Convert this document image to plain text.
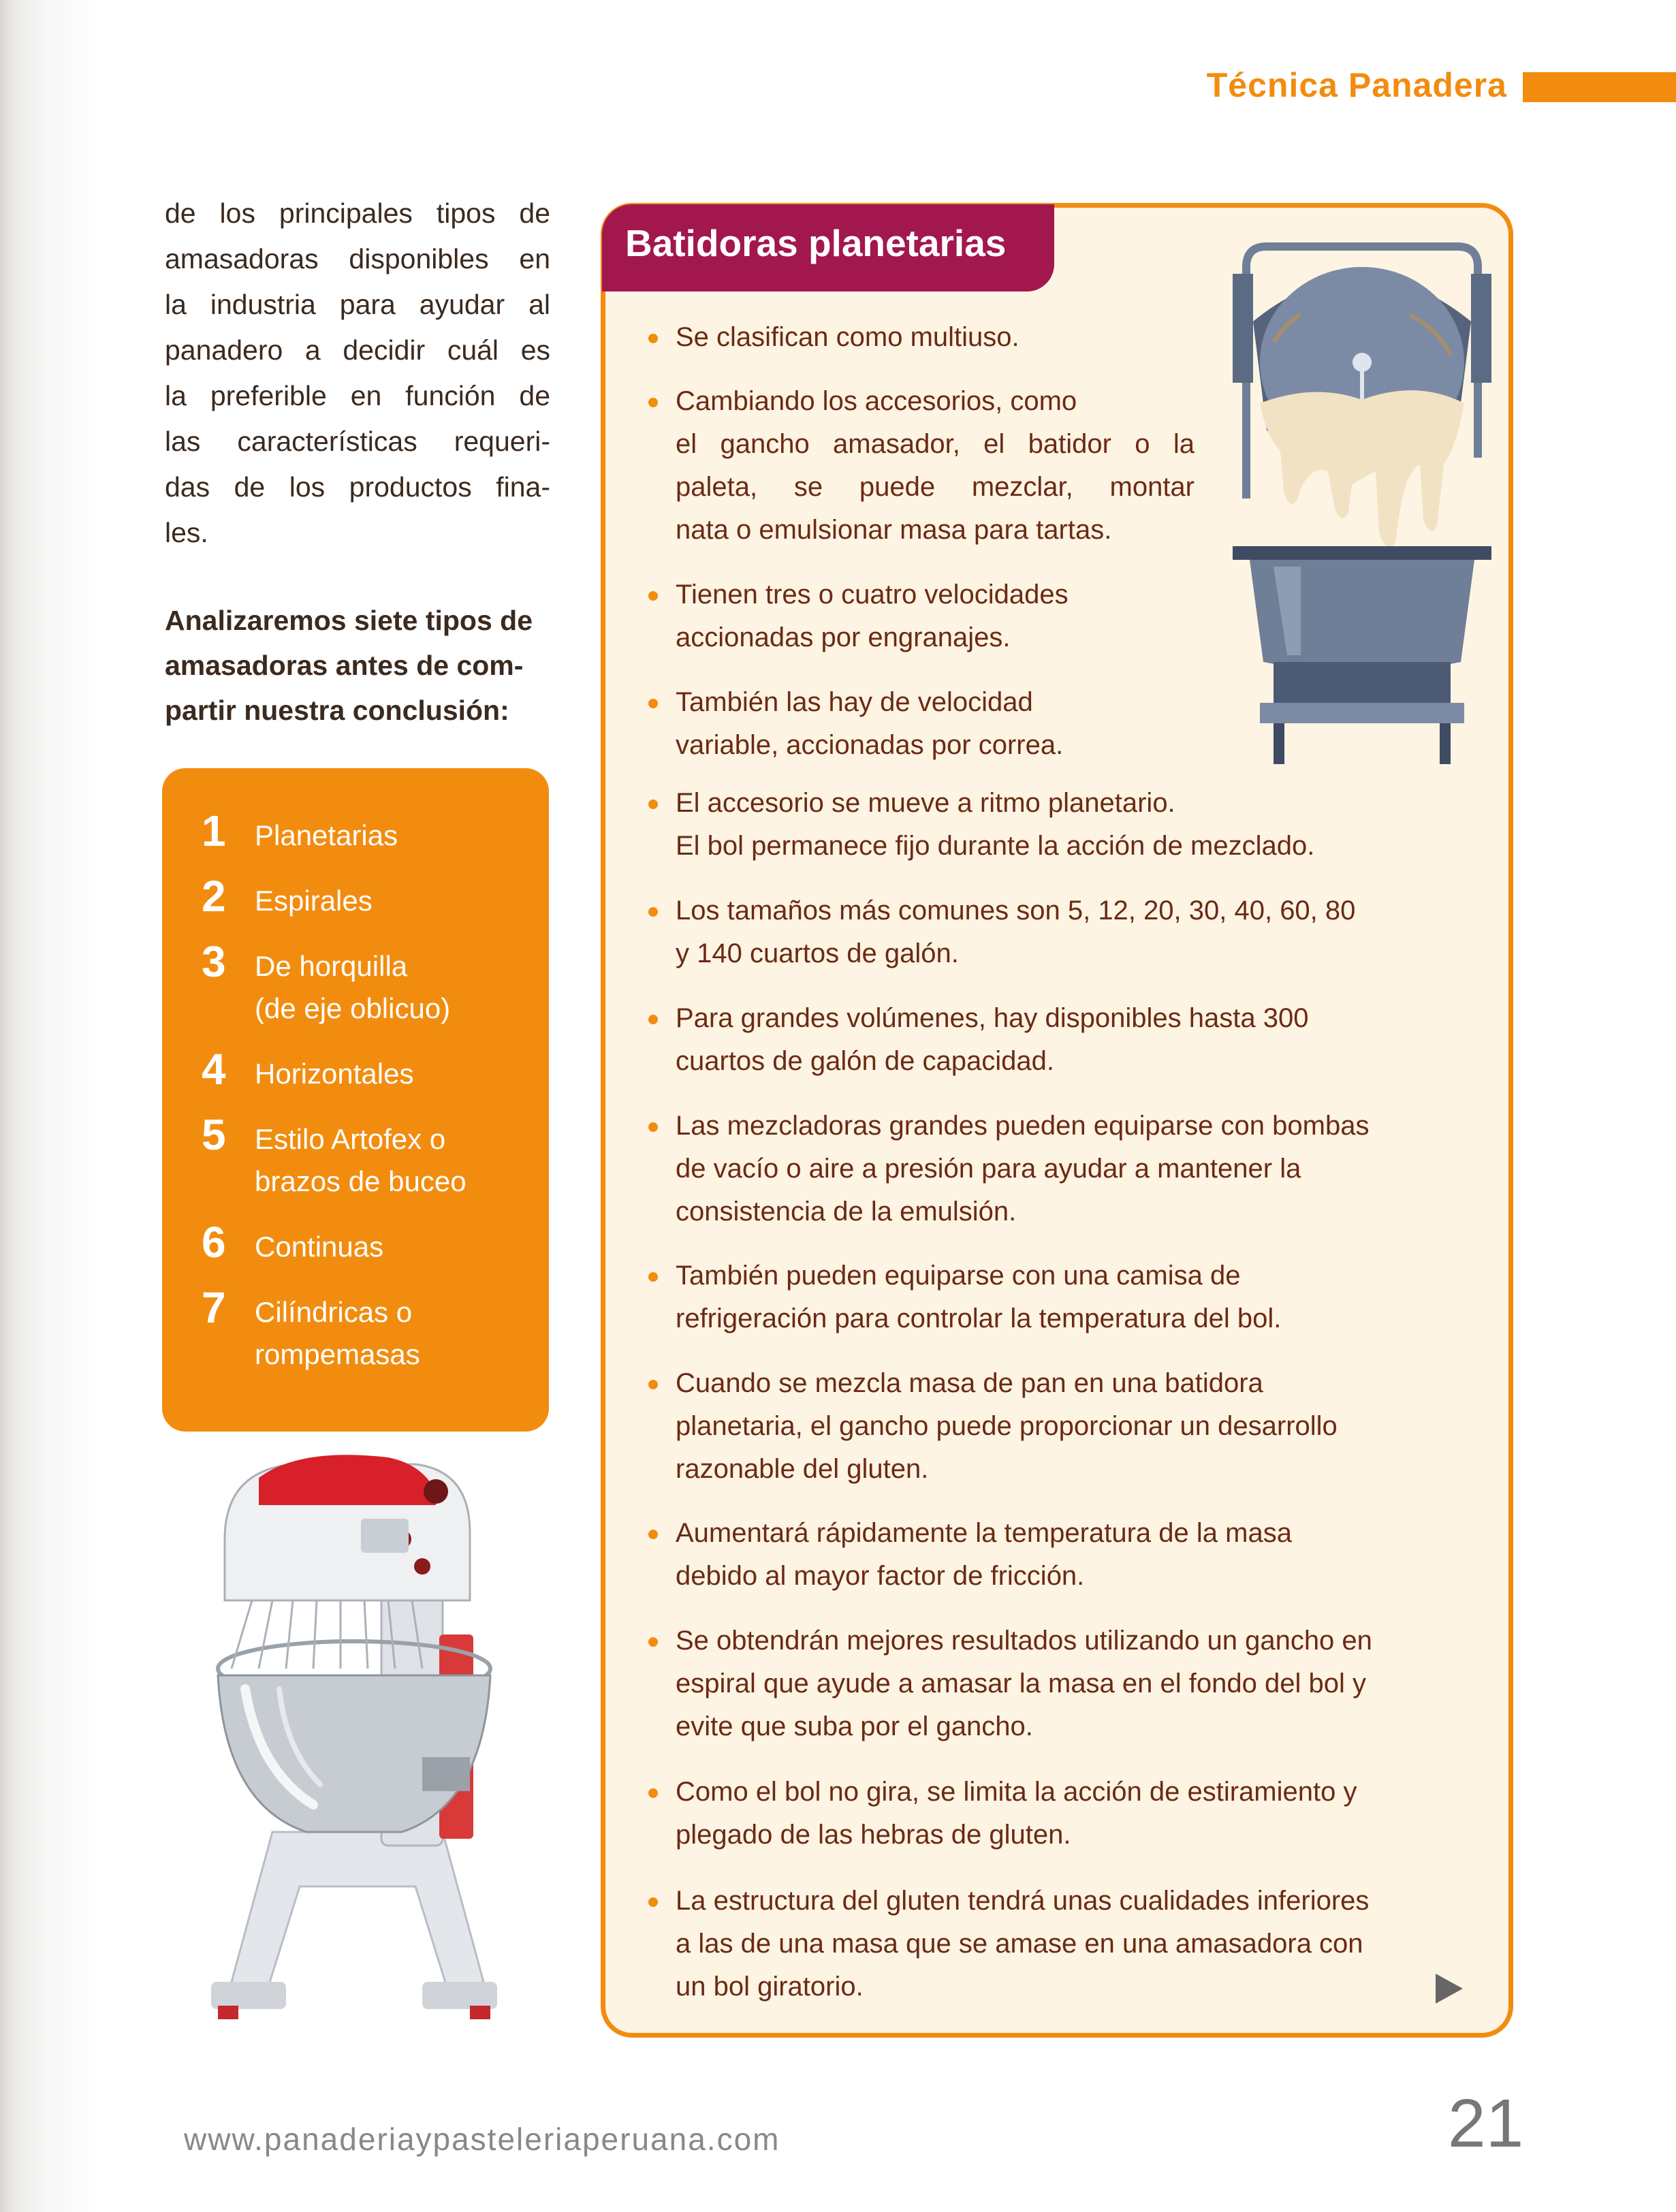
Técnica Panadera
de los principales tipos de
amasadoras disponibles en
la industria para ayudar al
panadero a decidir cuál es
la preferible en función de
las características requeri-
das de los productos fina-
les.
Analizaremos siete tipos de
amasadoras antes de com-
partir nuestra conclusión:
1	Planetarias
2	Espirales
3	De horquilla
(de eje oblicuo)
4	Horizontales
5	Estilo Artofex o
brazos de buceo
6	Continuas
7	Cilíndricas o
rompemasas
Batidoras planetarias
Se clasifican como multiuso.
Cambiando los accesorios, como
el gancho amasador, el batidor o la
paleta, se puede mezclar, montar
nata o emulsionar masa para tartas.
Tienen tres o cuatro velocidades
accionadas por engranajes.
También las hay de velocidad
variable, accionadas por correa.
El accesorio se mueve a ritmo planetario.
El bol permanece fijo durante la acción de mezclado.
Los tamaños más comunes son 5, 12, 20, 30, 40, 60, 80
y 140 cuartos de galón.
Para grandes volúmenes, hay disponibles hasta 300
cuartos de galón de capacidad.
Las mezcladoras grandes pueden equiparse con bombas
de vacío o aire a presión para ayudar a mantener la
consistencia de la emulsión.
También pueden equiparse con una camisa de
refrigeración para controlar la temperatura del bol.
Cuando se mezcla masa de pan en una batidora
planetaria, el gancho puede proporcionar un desarrollo
razonable del gluten.
Aumentará rápidamente la temperatura de la masa
debido al mayor factor de fricción.
Se obtendrán mejores resultados utilizando un gancho en
espiral que ayude a amasar la masa en el fondo del bol y
evite que suba por el gancho.
Como el bol no gira, se limita la acción de estiramiento y
plegado de las hebras de gluten.
La estructura del gluten tendrá unas cualidades inferiores
a las de una masa que se amase en una amasadora con
un bol giratorio.
www.panaderiaypasteleriaperuana.com	21
